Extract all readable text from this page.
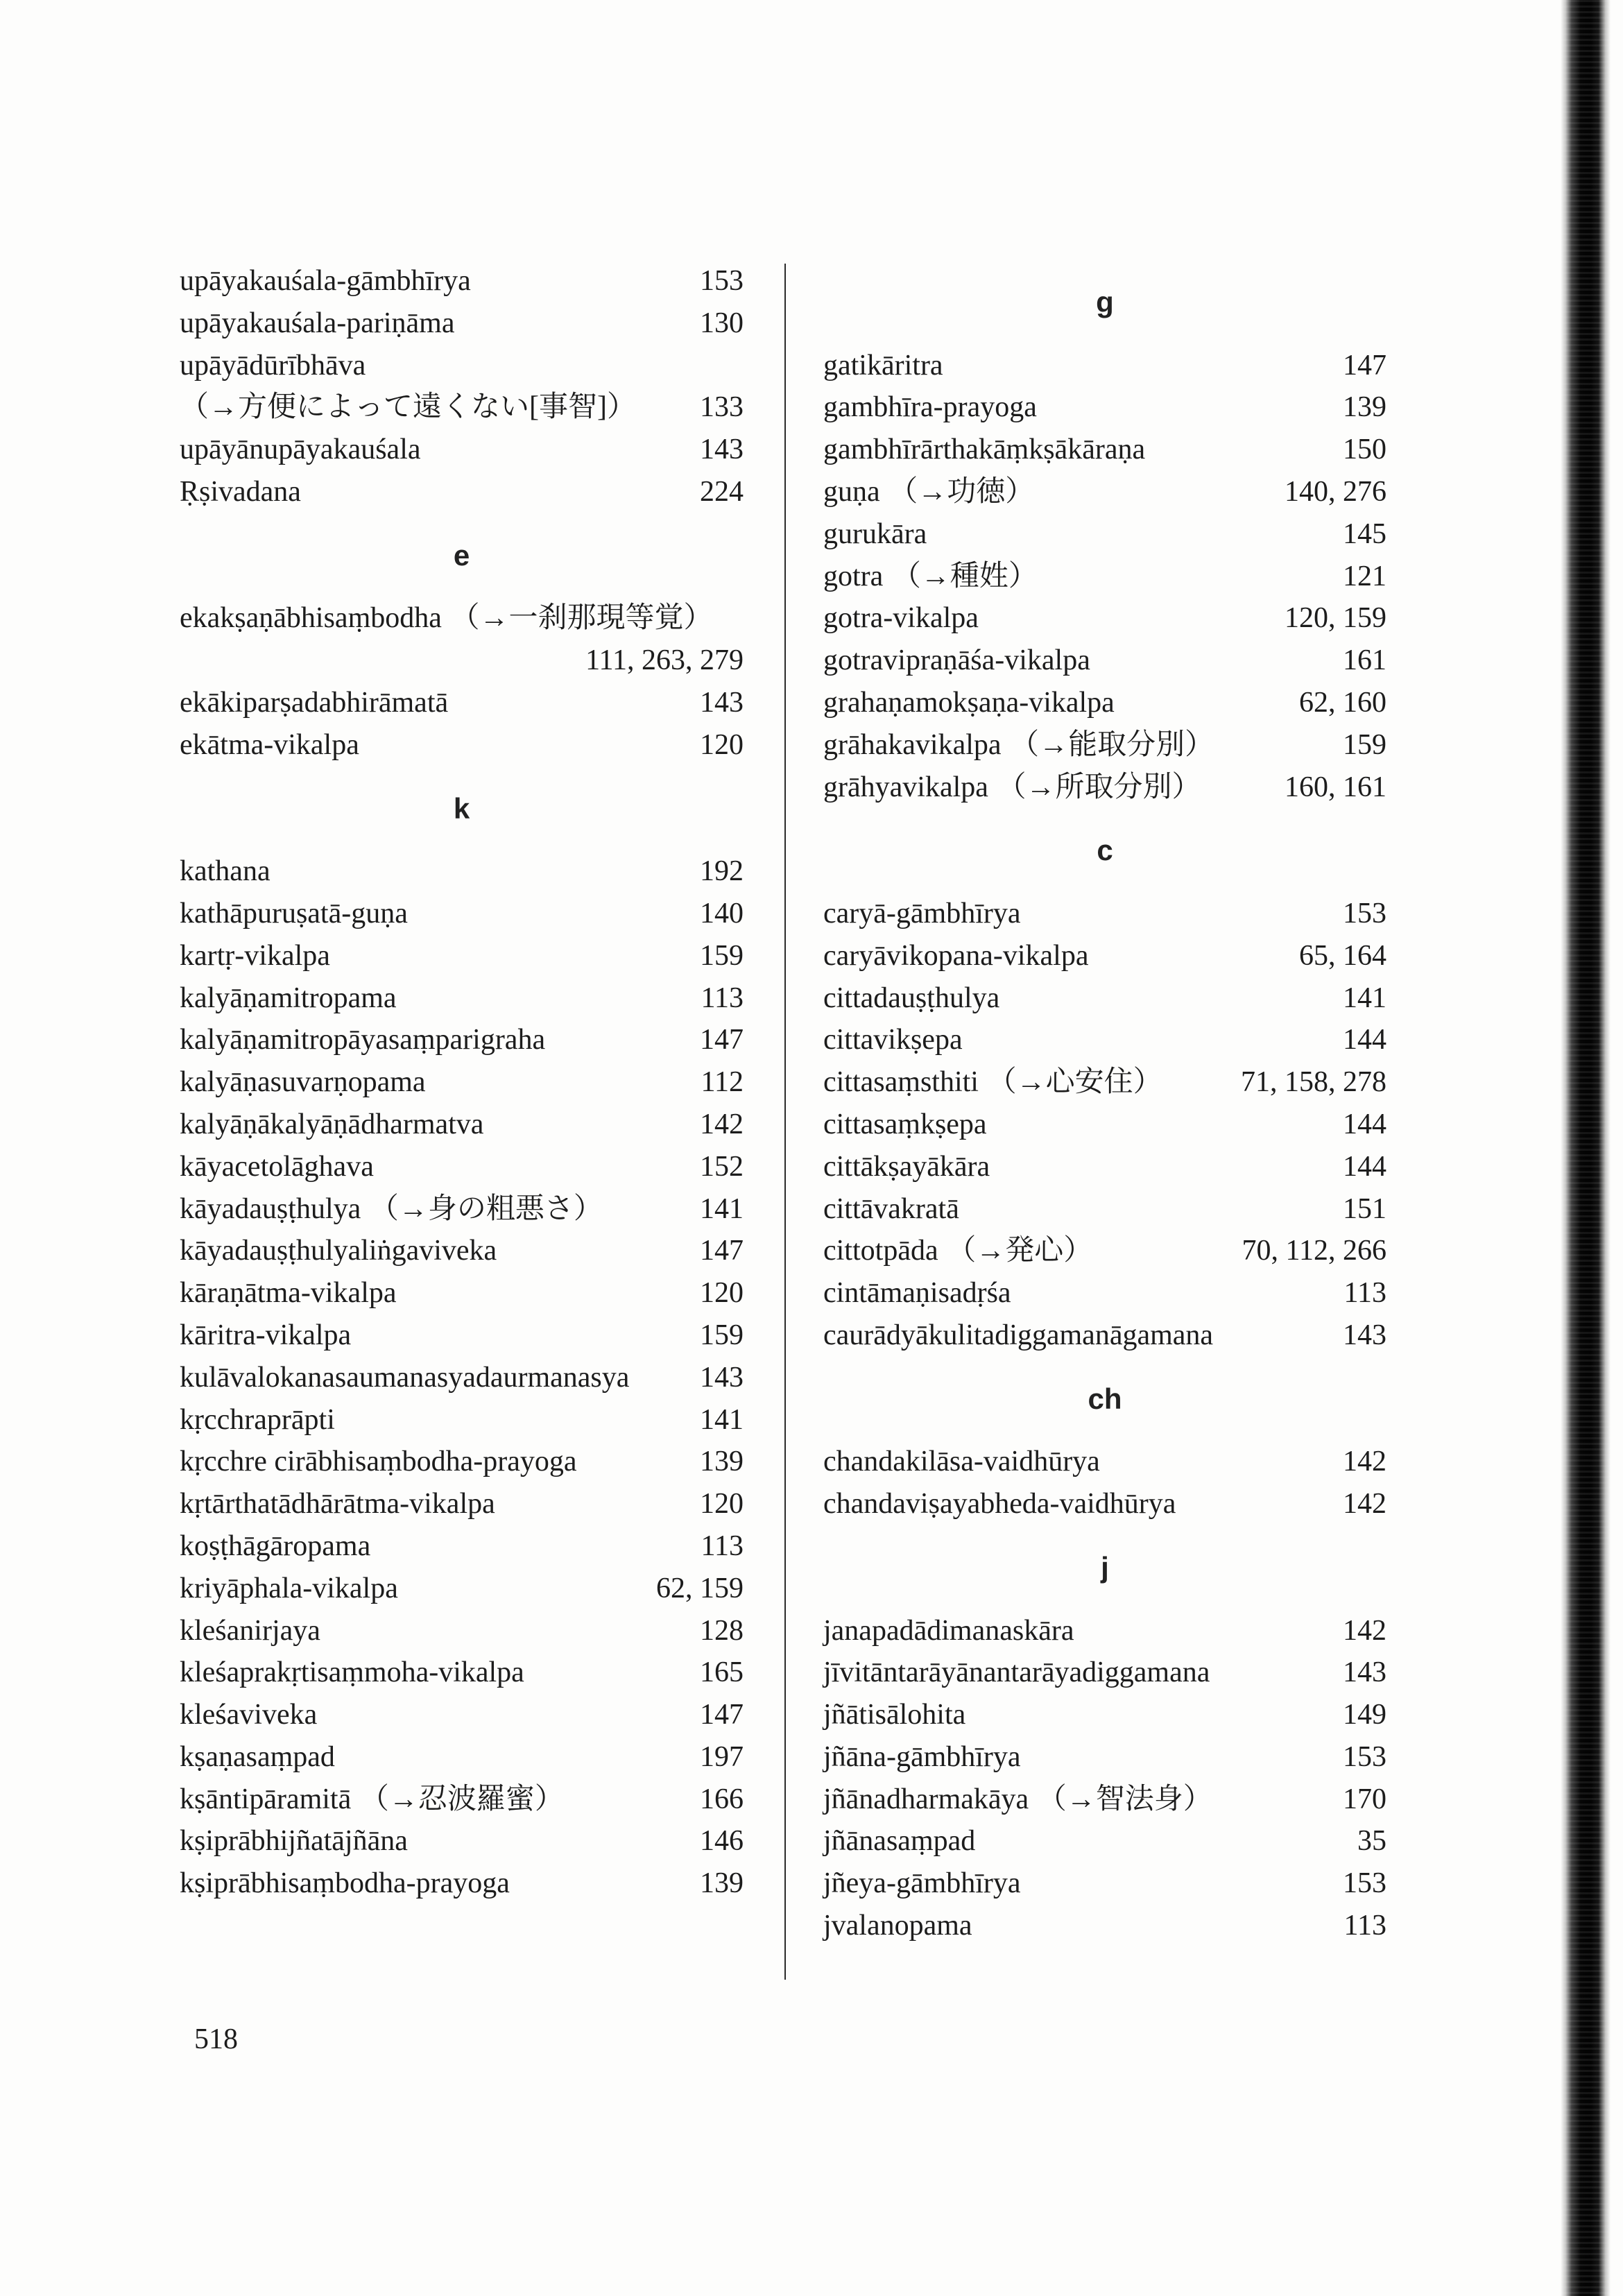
upāyakauśala-gāmbhīrya	153
upāyakauśala-pariṇāma	130
upāyādūrībhāva
（→方便によって遠くない[事智]） 133
upāyānupāyakauśala	143
Ṛṣivadana	224
e
ekakṣaṇābhisaṃbodha （→一刹那現等覚）
111, 263, 279
ekākiparṣadabhirāmatā	143
ekātma-vikalpa	120
k
kathana	192
kathāpuruṣatā-guṇa	140
kartṛ-vikalpa	159
kalyāṇamitropama	113
kalyāṇamitropāyasaṃparigraha	147
kalyāṇasuvarṇopama	112
kalyāṇākalyāṇādharmatva	142
kāyacetolāghava	152
kāyadauṣṭhulya （→身の粗悪さ）	141
kāyadauṣṭhulyaliṅgaviveka	147
kāraṇātma-vikalpa	120
kāritra-vikalpa	159
kulāvalokanasaumanasyadaurmanasya 143
kṛcchraprāpti	141
kṛcchre cirābhisaṃbodha-prayoga	139
kṛtārthatādhārātma-vikalpa	120
koṣṭhāgāropama	113
kriyāphala-vikalpa	62, 159
kleśanirjaya	128
kleśaprakṛtisaṃmoha-vikalpa	165
kleśaviveka	147
kṣaṇasaṃpad	197
kṣāntipāramitā （→忍波羅蜜）	166
kṣiprābhijñatājñāna	146
kṣiprābhisaṃbodha-prayoga	139
g
gatikāritra	147
gambhīra-prayoga	139
gambhīrārthakāṃkṣākāraṇa	150
guṇa （→功徳）	140, 276
gurukāra	145
gotra （→種姓）	121
gotra-vikalpa	120, 159
gotravipraṇāśa-vikalpa	161
grahaṇamokṣaṇa-vikalpa	62, 160
grāhakavikalpa （→能取分別）	159
grāhyavikalpa （→所取分別）	160, 161
c
caryā-gāmbhīrya	153
caryāvikopana-vikalpa	65, 164
cittadauṣṭhulya	141
cittavikṣepa	144
cittasaṃsthiti （→心安住）	71, 158, 278
cittasaṃkṣepa	144
cittākṣayākāra	144
cittāvakratā	151
cittotpāda （→発心）	70, 112, 266
cintāmaṇisadṛśa	113
caurādyākulitadiggamanāgamana	143
ch
chandakilāsa-vaidhūrya	142
chandaviṣayabheda-vaidhūrya	142
j
janapadādimanaskāra	142
jīvitāntarāyānantarāyadiggamana	143
jñātisālohita	149
jñāna-gāmbhīrya	153
jñānadharmakāya （→智法身）	170
jñānasaṃpad	35
jñeya-gāmbhīrya	153
jvalanopama	113
518
